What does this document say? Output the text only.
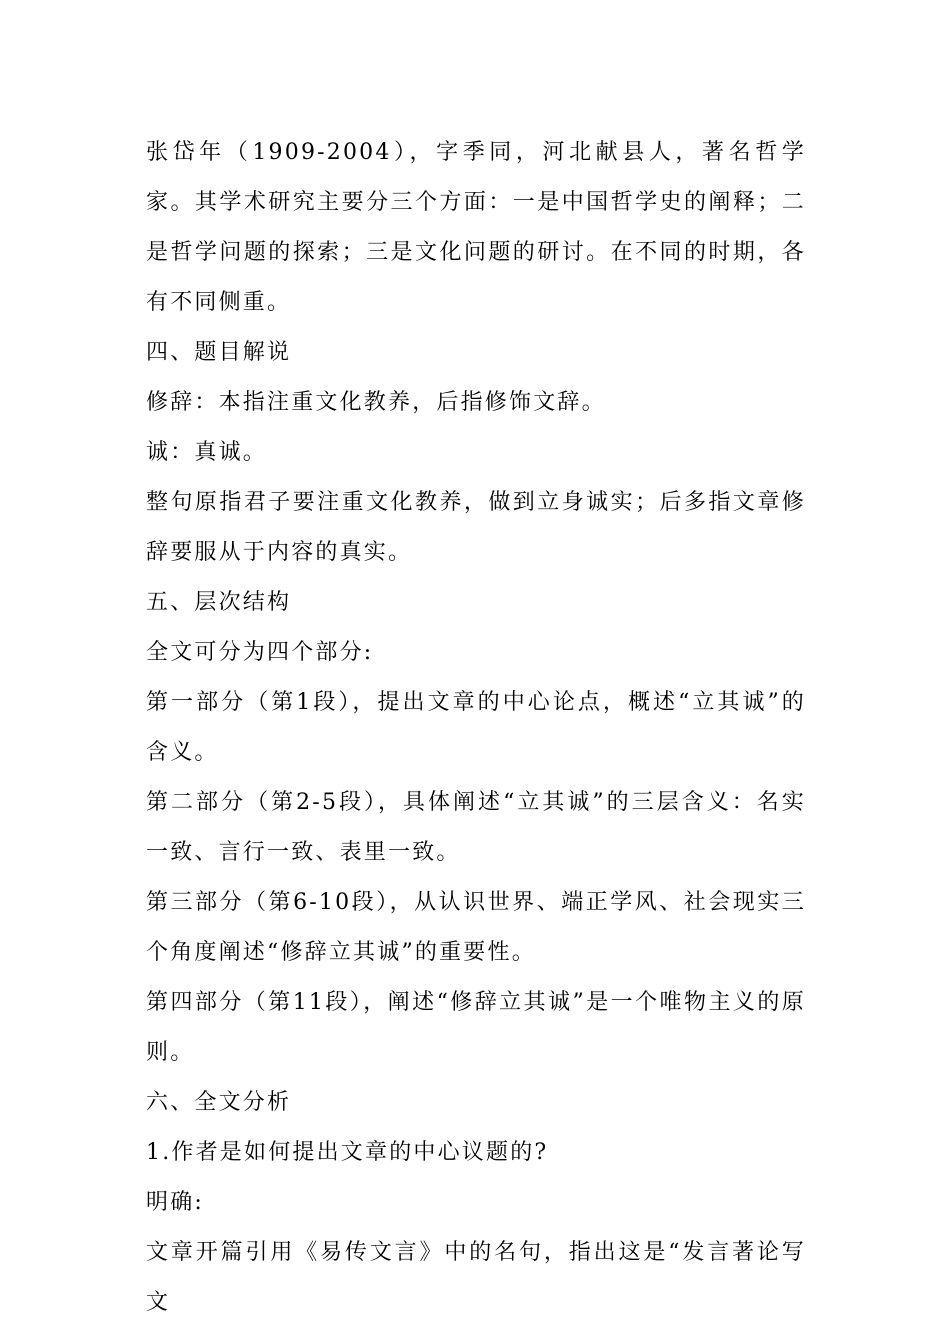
张岱年（1909-2004），字季同，河北献县人，著名哲学家。其学术研究主要分三个方面：一是中国哲学史的阐释；二是哲学问题的探索；三是文化问题的研讨。在不同的时期，各有不同侧重。

四、题目解说

修辞：本指注重文化教养，后指修饰文辞。

诚：真诚。

整句原指君子要注重文化教养，做到立身诚实；后多指文章修辞要服从于内容的真实。

五、层次结构

全文可分为四个部分:

第一部分（第1段），提出文章的中心论点，概述“立其诚”的含义。

第二部分（第2-5段），具体阐述“立其诚”的三层含义：名实一致、言行一致、表里一致。

第三部分（第6-10段），从认识世界、端正学风、社会现实三个角度阐述“修辞立其诚”的重要性。

第四部分（第11段），阐述“修辞立其诚”是一个唯物主义的原则。

六、全文分析

1.作者是如何提出文章的中心议题的?

明确:

文章开篇引用《易传文言》中的名句，指出这是“发言著论写文
